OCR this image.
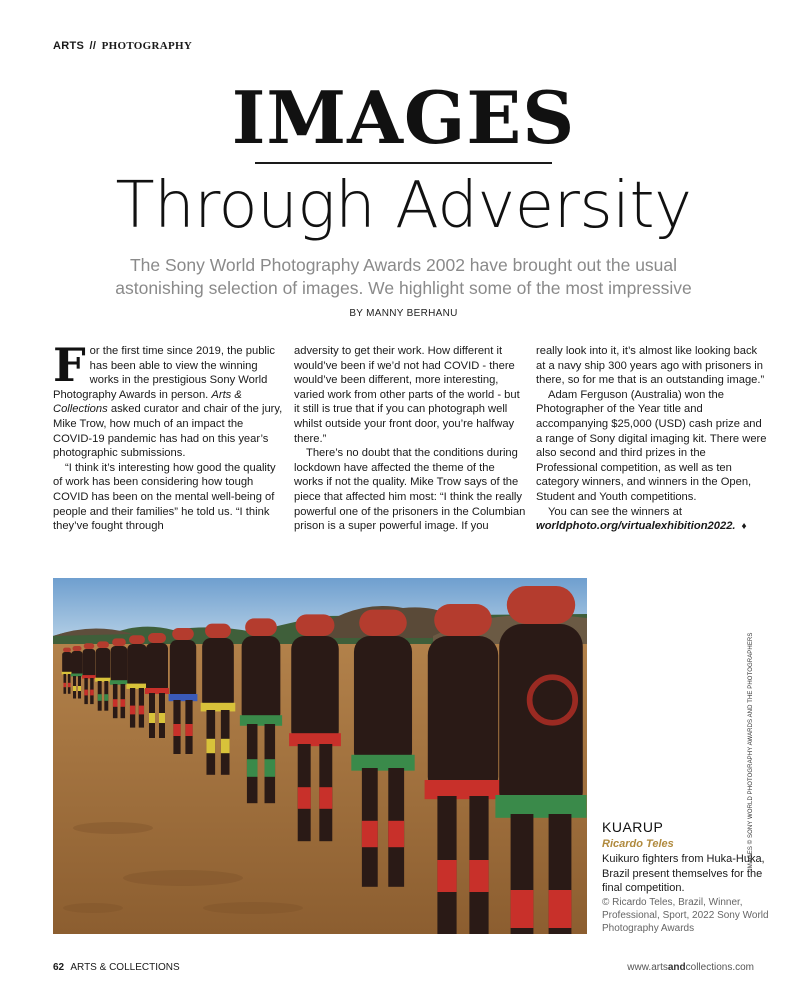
ARTS // PHOTOGRAPHY
IMAGES
Through Adversity
The Sony World Photography Awards 2002 have brought out the usual astonishing selection of images. We highlight some of the most impressive
BY MANNY BERHANU

For the first time since 2019, the public has been able to view the winning works in the prestigious Sony World Photography Awards in person. Arts & Collections asked curator and chair of the jury, Mike Trow, how much of an impact the COVID-19 pandemic has had on this year’s photographic submissions.

“I think it’s interesting how good the quality of work has been considering how tough COVID has been on the mental well-being of people and their families” he told us. “I think they’ve fought through

adversity to get their work. How different it would’ve been if we’d not had COVID - there would’ve been different, more interesting, varied work from other parts of the world - but it still is true that if you can photograph well whilst outside your front door, you’re halfway there.”

There’s no doubt that the conditions during lockdown have affected the theme of the works if not the quality. Mike Trow says of the piece that affected him most: “I think the really powerful one of the prisoners in the Columbian prison is a super powerful image. If you

really look into it, it’s almost like looking back at a navy ship 300 years ago with prisoners in there, so for me that is an outstanding image.”

Adam Ferguson (Australia) won the Photographer of the Year title and accompanying $25,000 (USD) cash prize and a range of Sony digital imaging kit. There were also second and third prizes in the Professional competition, as well as ten category winners, and winners in the Open, Student and Youth competitions.

You can see the winners at worldphoto.org/virtualexhibition2022. ♦

KUARUP
Ricardo Teles
Kuikuro fighters from Huka-Huka, Brazil present themselves for the final competition.
© Ricardo Teles, Brazil, Winner, Professional, Sport, 2022 Sony World Photography Awards
IMAGES © SONY WORLD PHOTOGRAPHY AWARDS AND THE PHOTOGRAPHERS
62 ARTS & COLLECTIONS	www.artsandcollections.com
